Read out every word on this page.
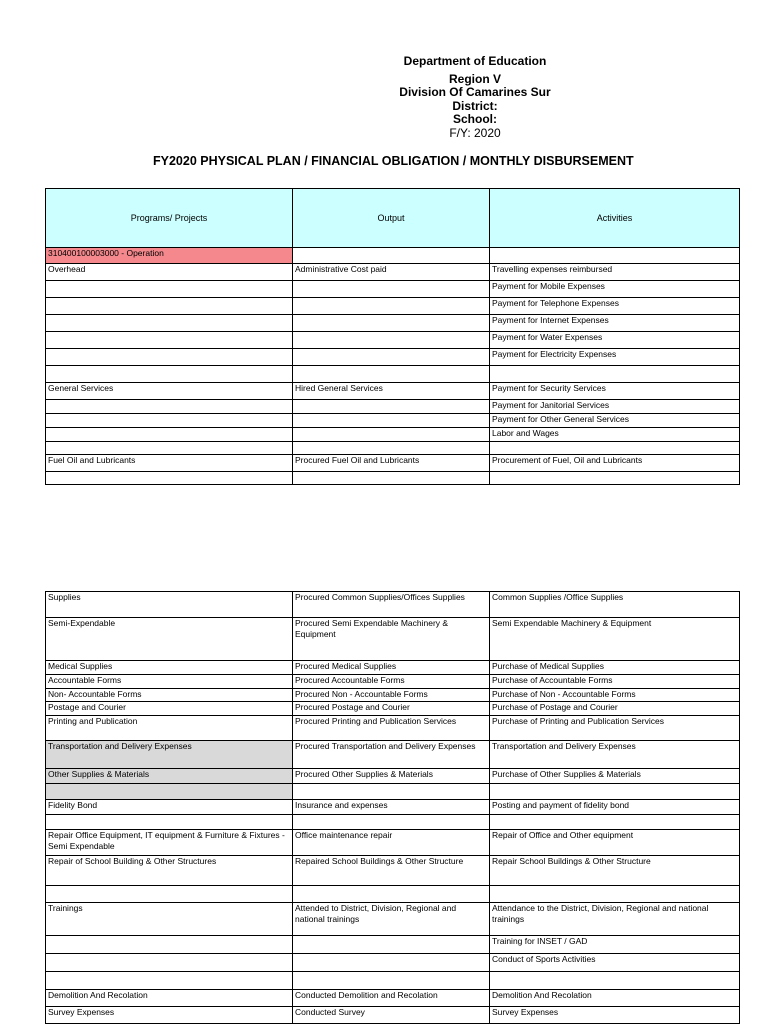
Department of Education
Region V
Division Of Camarines Sur
District:
School:
F/Y: 2020
FY2020 PHYSICAL PLAN / FINANCIAL OBLIGATION / MONTHLY DISBURSEMENT
Programs/ Projects	Output	Activities
310400100003000 - Operation		
Overhead	Administrative Cost paid	Travelling expenses reimbursed
		Payment for Mobile Expenses
		Payment for Telephone Expenses
		Payment for Internet Expenses
		Payment for Water Expenses
		Payment for Electricity Expenses

General Services	Hired General Services	Payment for Security Services
		Payment for Janitorial Services
		Payment for Other General Services
		Labor and Wages

Fuel Oil and Lubricants	Procured Fuel Oil and Lubricants	Procurement of Fuel, Oil and Lubricants

Supplies	Procured Common Supplies/Offices Supplies	Common Supplies /Office Supplies
Semi-Expendable	Procured Semi Expendable Machinery & Equipment	Semi Expendable Machinery & Equipment
Medical Supplies	Procured Medical Supplies	Purchase of Medical Supplies
Accountable Forms	Procured Accountable Forms	Purchase of Accountable Forms
Non- Accountable Forms	Procured Non - Accountable Forms	Purchase of Non - Accountable Forms
Postage and Courier	Procured Postage and Courier	Purchase of Postage and Courier
Printing and Publication	Procured Printing and Publication Services	Purchase of Printing and Publication Services
Transportation and Delivery Expenses	Procured Transportation and Delivery Expenses	Transportation and Delivery Expenses
Other Supplies & Materials	Procured Other Supplies & Materials	Purchase of Other Supplies & Materials

Fidelity Bond	Insurance and expenses	Posting and payment of fidelity bond

Repair Office Equipment, IT equipment & Furniture & Fixtures - Semi Expendable	Office maintenance repair	Repair of Office and Other equipment
Repair of School Building & Other Structures	Repaired School Buildings & Other Structure	Repair School Buildings & Other Structure

Trainings	Attended to District, Division, Regional and national trainings	Attendance to the District, Division, Regional and national trainings
		Training for INSET / GAD
		Conduct of Sports Activities

Demolition And Recolation	Conducted Demolition and Recolation	Demolition And Recolation
Survey Expenses	Conducted Survey	Survey Expenses
